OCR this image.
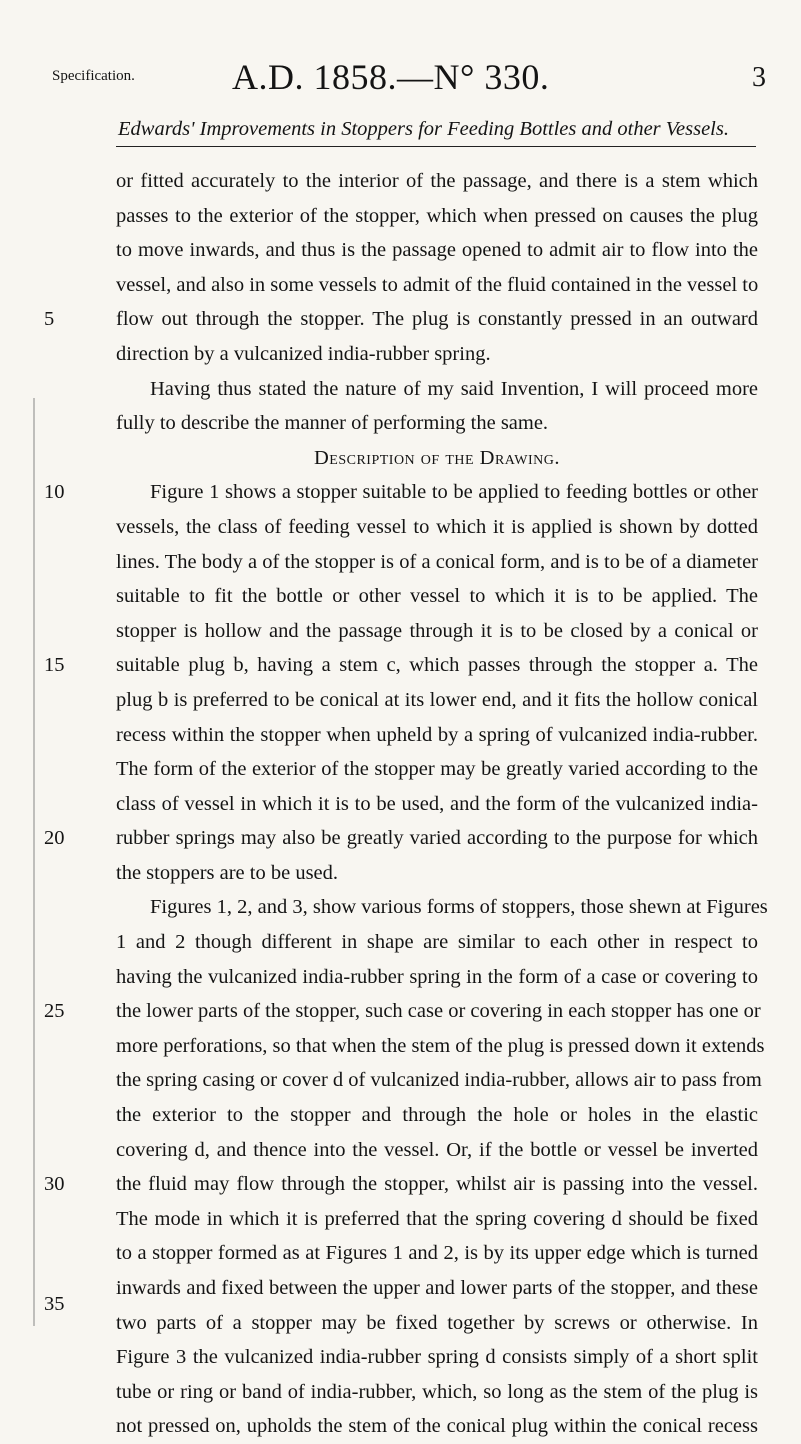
Specification.	A.D. 1858.—N° 330.	3
Edwards' Improvements in Stoppers for Feeding Bottles and other Vessels.
5
10
15
20
25
30
35
or fitted accurately to the interior of the passage, and there is a stem which
passes to the exterior of the stopper, which when pressed on causes the plug
to move inwards, and thus is the passage opened to admit air to flow into the
vessel, and also in some vessels to admit of the fluid contained in the vessel to
flow out through the stopper. The plug is constantly pressed in an outward
direction by a vulcanized india-rubber spring.
Having thus stated the nature of my said Invention, I will proceed more
fully to describe the manner of performing the same.
Description of the Drawing.
Figure 1 shows a stopper suitable to be applied to feeding bottles or other
vessels, the class of feeding vessel to which it is applied is shown by dotted
lines. The body a of the stopper is of a conical form, and is to be of a diameter
suitable to fit the bottle or other vessel to which it is to be applied. The
stopper is hollow and the passage through it is to be closed by a conical or
suitable plug b, having a stem c, which passes through the stopper a. The
plug b is preferred to be conical at its lower end, and it fits the hollow conical
recess within the stopper when upheld by a spring of vulcanized india-rubber.
The form of the exterior of the stopper may be greatly varied according to the
class of vessel in which it is to be used, and the form of the vulcanized india-
rubber springs may also be greatly varied according to the purpose for which
the stoppers are to be used.
Figures 1, 2, and 3, show various forms of stoppers, those shewn at Figures
1 and 2 though different in shape are similar to each other in respect to
having the vulcanized india-rubber spring in the form of a case or covering to
the lower parts of the stopper, such case or covering in each stopper has one or
more perforations, so that when the stem of the plug is pressed down it extends
the spring casing or cover d of vulcanized india-rubber, allows air to pass from
the exterior to the stopper and through the hole or holes in the elastic
covering d, and thence into the vessel. Or, if the bottle or vessel be inverted
the fluid may flow through the stopper, whilst air is passing into the vessel.
The mode in which it is preferred that the spring covering d should be fixed
to a stopper formed as at Figures 1 and 2, is by its upper edge which is turned
inwards and fixed between the upper and lower parts of the stopper, and these
two parts of a stopper may be fixed together by screws or otherwise. In
Figure 3 the vulcanized india-rubber spring d consists simply of a short split
tube or ring or band of india-rubber, which, so long as the stem of the plug is
not pressed on, upholds the stem of the conical plug within the conical recess
